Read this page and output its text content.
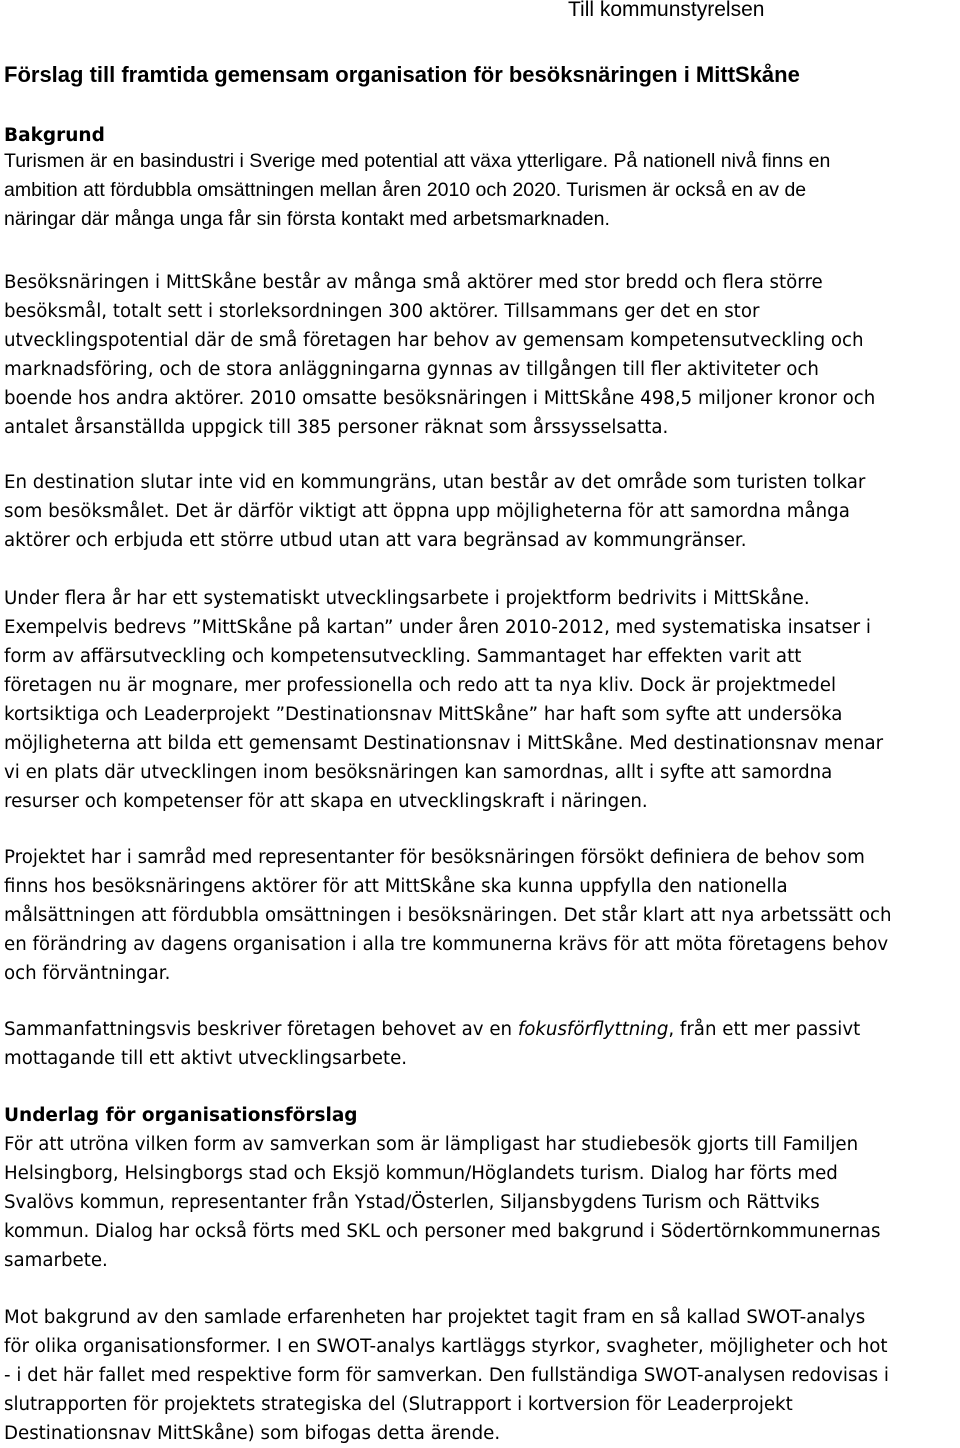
Till kommunstyrelsen

Förslag till framtida gemensam organisation för besöksnäringen i MittSkåne
Bakgrund
Turismen är en basindustri i Sverige med potential att växa ytterligare. På nationell nivå finns en
ambition att fördubbla omsättningen mellan åren 2010 och 2020. Turismen är också en av de
näringar där många unga får sin första kontakt med arbetsmarknaden.
Besöksnäringen i MittSkåne består av många små aktörer med stor bredd och flera större
besöksmål, totalt sett i storleksordningen 300 aktörer. Tillsammans ger det en stor
utvecklingspotential där de små företagen har behov av gemensam kompetensutveckling och
marknadsföring, och de stora anläggningarna gynnas av tillgången till fler aktiviteter och
boende hos andra aktörer. 2010 omsatte besöksnäringen i MittSkåne 498,5 miljoner kronor och
antalet årsanställda uppgick till 385 personer räknat som årssysselsatta.
En destination slutar inte vid en kommungräns, utan består av det område som turisten tolkar
som besöksmålet. Det är därför viktigt att öppna upp möjligheterna för att samordna många
aktörer och erbjuda ett större utbud utan att vara begränsad av kommungränser.
Under flera år har ett systematiskt utvecklingsarbete i projektform bedrivits i MittSkåne.
Exempelvis bedrevs ”MittSkåne på kartan” under åren 2010-2012, med systematiska insatser i
form av affärsutveckling och kompetensutveckling. Sammantaget har effekten varit att
företagen nu är mognare, mer professionella och redo att ta nya kliv. Dock är projektmedel
kortsiktiga och Leaderprojekt ”Destinationsnav MittSkåne” har haft som syfte att undersöka
möjligheterna att bilda ett gemensamt Destinationsnav i MittSkåne. Med destinationsnav menar
vi en plats där utvecklingen inom besöksnäringen kan samordnas, allt i syfte att samordna
resurser och kompetenser för att skapa en utvecklingskraft i näringen.
Projektet har i samråd med representanter för besöksnäringen försökt definiera de behov som
finns hos besöksnäringens aktörer för att MittSkåne ska kunna uppfylla den nationella
målsättningen att fördubbla omsättningen i besöksnäringen. Det står klart att nya arbetssätt och
en förändring av dagens organisation i alla tre kommunerna krävs för att möta företagens behov
och förväntningar.
Sammanfattningsvis beskriver företagen behovet av en fokusförflyttning, från ett mer passivt
mottagande till ett aktivt utvecklingsarbete.
Underlag för organisationsförslag
För att utröna vilken form av samverkan som är lämpligast har studiebesök gjorts till Familjen
Helsingborg, Helsingborgs stad och Eksjö kommun/Höglandets turism. Dialog har förts med
Svalövs kommun, representanter från Ystad/Österlen, Siljansbygdens Turism och Rättviks
kommun. Dialog har också förts med SKL och personer med bakgrund i Södertörnkommunernas
samarbete.
Mot bakgrund av den samlade erfarenheten har projektet tagit fram en så kallad SWOT-analys
för olika organisationsformer. I en SWOT-analys kartläggs styrkor, svagheter, möjligheter och hot
- i det här fallet med respektive form för samverkan. Den fullständiga SWOT-analysen redovisas i
slutrapporten för projektets strategiska del (Slutrapport i kortversion för Leaderprojekt
Destinationsnav MittSkåne) som bifogas detta ärende.
